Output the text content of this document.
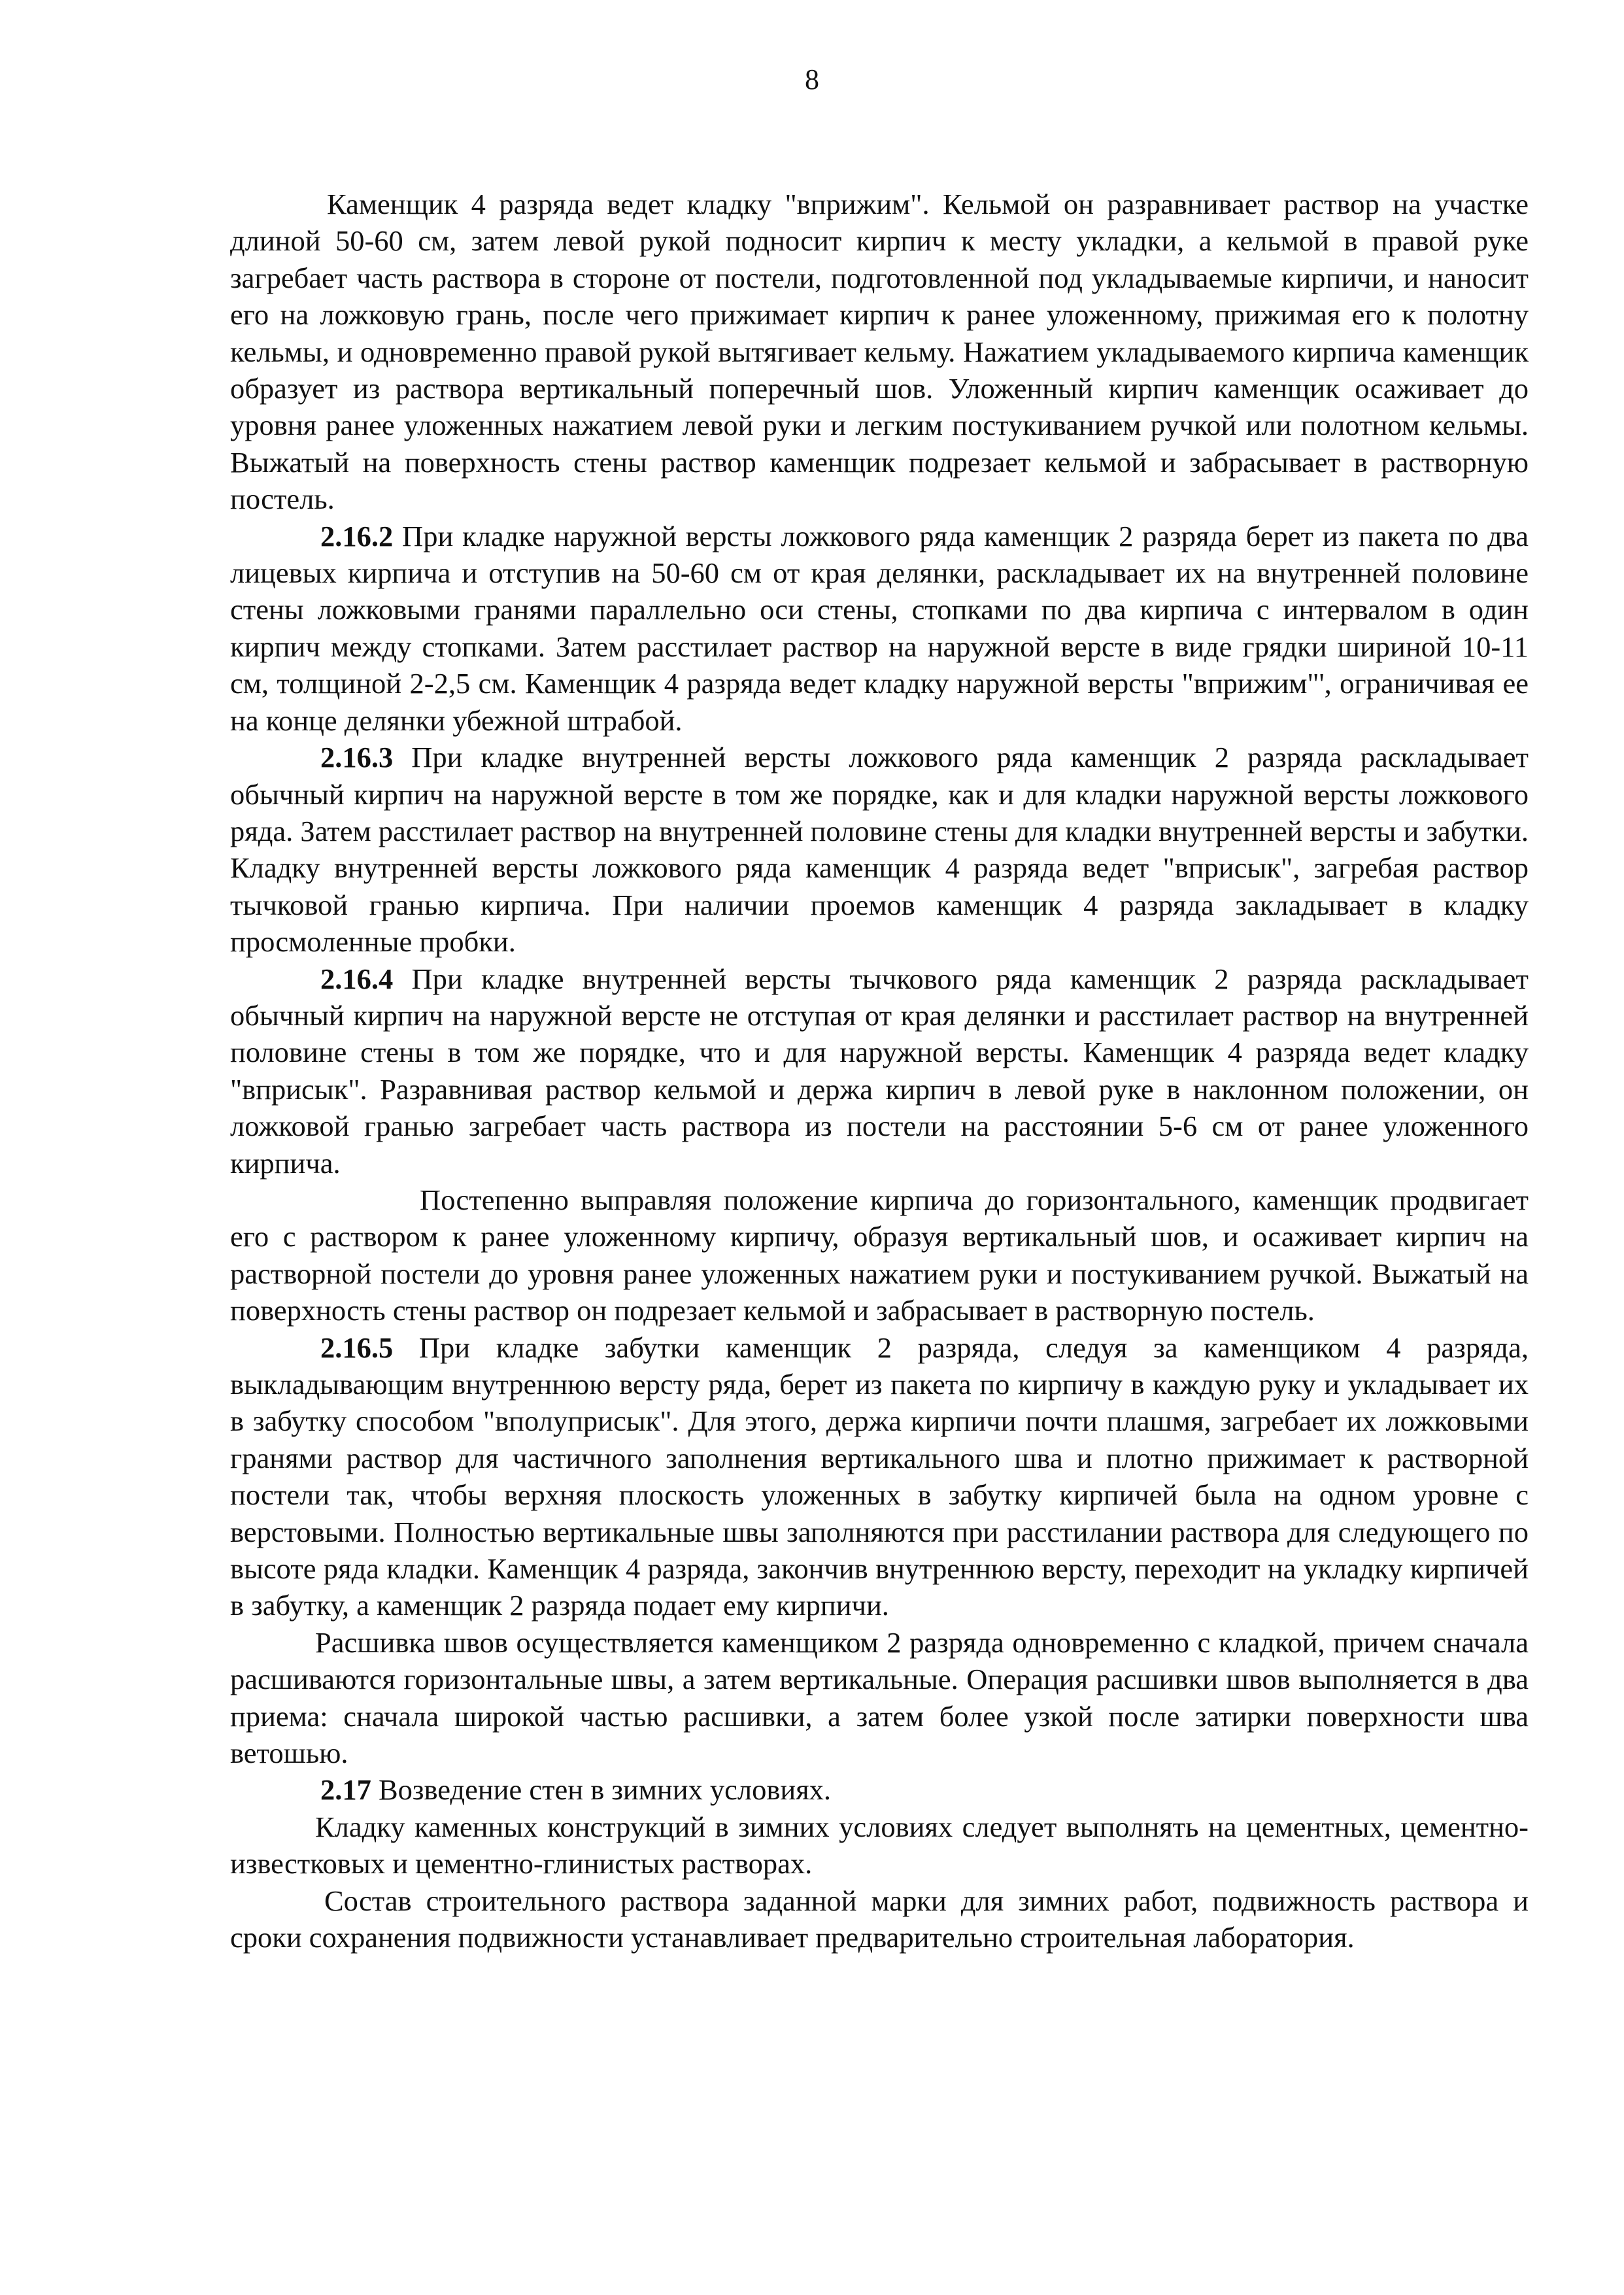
8

Каменщик 4 разряда ведет кладку "вприжим". Кельмой он разравнивает раствор на участке длиной 50-60 см, затем левой рукой подносит кирпич к месту укладки, а кельмой в правой руке загребает часть раствора в стороне от постели, подготовленной под укладываемые кирпичи, и наносит его на ложковую грань, после чего прижимает кирпич к ранее уложенному, прижимая его к полотну кельмы, и одновременно правой рукой вытягивает кельму. Нажатием укладываемого кирпича каменщик образует из раствора вертикальный поперечный шов. Уложенный кирпич каменщик осаживает до уровня ранее уложенных нажатием левой руки и легким постукиванием ручкой или полотном кельмы. Выжатый на поверхность стены раствор каменщик подрезает кельмой и забрасывает в растворную постель.

2.16.2 При кладке наружной версты ложкового ряда каменщик 2 разряда берет из пакета по два лицевых кирпича и отступив на 50-60 см от края делянки, раскладывает их на внутренней половине стены ложковыми гранями параллельно оси стены, стопками по два кирпича с интервалом в один кирпич между стопками. Затем расстилает раствор на наружной версте в виде грядки шириной 10-11 см, толщиной 2-2,5 см. Каменщик 4 разряда ведет кладку наружной версты "вприжим"', ограничивая ее на конце делянки убежной штрабой.

2.16.3 При кладке внутренней версты ложкового ряда каменщик 2 разряда раскладывает обычный кирпич на наружной версте в том же порядке, как и для кладки наружной версты ложкового ряда. Затем расстилает раствор на внутренней половине стены для кладки внутренней версты и забутки. Кладку внутренней версты ложкового ряда каменщик 4 разряда ведет "вприсык", загребая раствор тычковой гранью кирпича. При наличии проемов каменщик 4 разряда закладывает в кладку просмоленные пробки.

2.16.4 При кладке внутренней версты тычкового ряда каменщик 2 разряда раскладывает обычный кирпич на наружной версте не отступая от края делянки и расстилает раствор на внутренней половине стены в том же порядке, что и для наружной версты. Каменщик 4 разряда ведет кладку "вприсык". Разравнивая раствор кельмой и держа кирпич в левой руке в наклонном положении, он ложковой гранью загребает часть раствора из постели на расстоянии 5-6 см от ранее уложенного кирпича.

Постепенно выправляя положение кирпича до горизонтального, каменщик продвигает его с раствором к ранее уложенному кирпичу, образуя вертикальный шов, и осаживает кирпич на растворной постели до уровня ранее уложенных нажатием руки и постукиванием ручкой. Выжатый на поверхность стены раствор он подрезает кельмой и забрасывает в растворную постель.

2.16.5 При кладке забутки каменщик 2 разряда, следуя за каменщиком 4 разряда, выкладывающим внутреннюю версту ряда, берет из пакета по кирпичу в каждую руку и укладывает их в забутку способом "вполуприсык". Для этого, держа кирпичи почти плашмя, загребает их ложковыми гранями раствор для частичного заполнения вертикального шва и плотно прижимает к растворной постели так, чтобы верхняя плоскость уложенных в забутку кирпичей была на одном уровне с верстовыми. Полностью вертикальные швы заполняются при расстилании раствора для следующего по высоте ряда кладки. Каменщик 4 разряда, закончив внутреннюю версту, переходит на укладку кирпичей в забутку, а каменщик 2 разряда подает ему кирпичи.

Расшивка швов осуществляется каменщиком 2 разряда одновременно с кладкой, причем сначала расшиваются горизонтальные швы, а затем вертикальные. Операция расшивки швов выполняется в два приема: сначала широкой частью расшивки, а затем более узкой после затирки поверхности шва ветошью.

2.17 Возведение стен в зимних условиях.

Кладку каменных конструкций в зимних условиях следует выполнять на цементных, цементно-известковых и цементно-глинистых растворах.

Состав строительного раствора заданной марки для зимних работ, подвижность раствора и сроки сохранения подвижности устанавливает предварительно строительная лаборатория.
